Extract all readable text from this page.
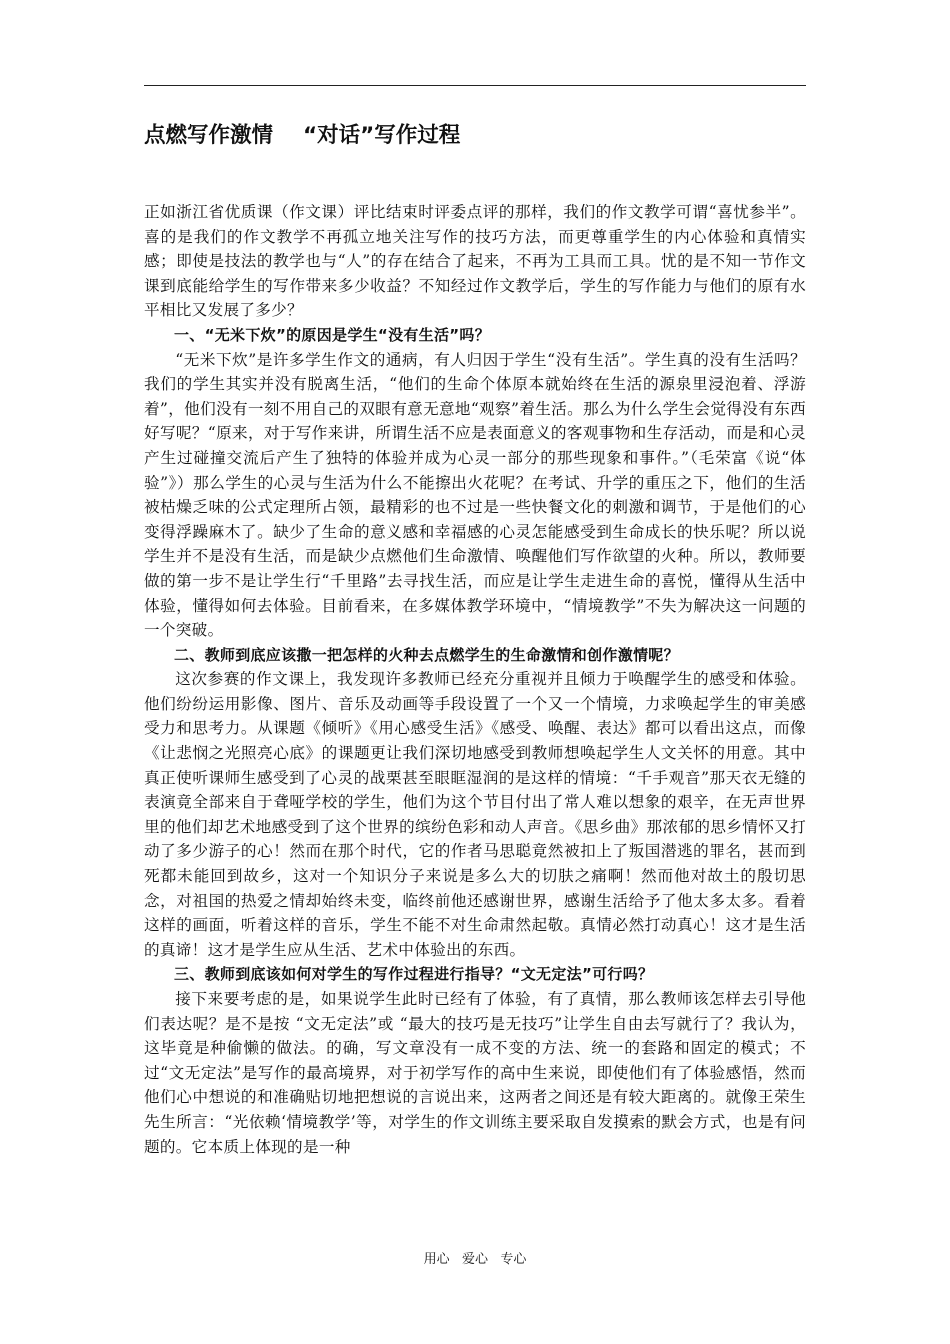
点燃写作激情    “对话”写作过程

正如浙江省优质课（作文课）评比结束时评委点评的那样，我们的作文教学可谓“喜忧参半”。喜的是我们的作文教学不再孤立地关注写作的技巧方法，而更尊重学生的内心体验和真情实感；即使是技法的教学也与“人”的存在结合了起来，不再为工具而工具。忧的是不知一节作文课到底能给学生的写作带来多少收益？不知经过作文教学后，学生的写作能力与他们的原有水平相比又发展了多少？

一、“无米下炊”的原因是学生“没有生活”吗？

“无米下炊”是许多学生作文的通病，有人归因于学生“没有生活”。学生真的没有生活吗？我们的学生其实并没有脱离生活，“他们的生命个体原本就始终在生活的源泉里浸泡着、浮游着”，他们没有一刻不用自己的双眼有意无意地“观察”着生活。那么为什么学生会觉得没有东西好写呢？“原来，对于写作来讲，所谓生活不应是表面意义的客观事物和生存活动，而是和心灵产生过碰撞交流后产生了独特的体验并成为心灵一部分的那些现象和事件。”（毛荣富《说“体验”》）那么学生的心灵与生活为什么不能擦出火花呢？在考试、升学的重压之下，他们的生活被枯燥乏味的公式定理所占领，最精彩的也不过是一些快餐文化的刺激和调节，于是他们的心变得浮躁麻木了。缺少了生命的意义感和幸福感的心灵怎能感受到生命成长的快乐呢？所以说学生并不是没有生活，而是缺少点燃他们生命激情、唤醒他们写作欲望的火种。所以，教师要做的第一步不是让学生行“千里路”去寻找生活，而应是让学生走进生命的喜悦，懂得从生活中体验，懂得如何去体验。目前看来，在多媒体教学环境中，“情境教学”不失为解决这一问题的一个突破。

二、教师到底应该撒一把怎样的火种去点燃学生的生命激情和创作激情呢？

这次参赛的作文课上，我发现许多教师已经充分重视并且倾力于唤醒学生的感受和体验。他们纷纷运用影像、图片、音乐及动画等手段设置了一个又一个情境，力求唤起学生的审美感受力和思考力。从课题《倾听》《用心感受生活》《感受、唤醒、表达》都可以看出这点，而像《让悲悯之光照亮心底》的课题更让我们深切地感受到教师想唤起学生人文关怀的用意。其中真正使听课师生感受到了心灵的战栗甚至眼眶湿润的是这样的情境：“千手观音”那天衣无缝的表演竟全部来自于聋哑学校的学生，他们为这个节目付出了常人难以想象的艰辛，在无声世界里的他们却艺术地感受到了这个世界的缤纷色彩和动人声音。《思乡曲》那浓郁的思乡情怀又打动了多少游子的心！然而在那个时代，它的作者马思聪竟然被扣上了叛国潜逃的罪名，甚而到死都未能回到故乡，这对一个知识分子来说是多么大的切肤之痛啊！然而他对故土的殷切思念，对祖国的热爱之情却始终未变，临终前他还感谢世界，感谢生活给予了他太多太多。看着这样的画面，听着这样的音乐，学生不能不对生命肃然起敬。真情必然打动真心！这才是生活的真谛！这才是学生应从生活、艺术中体验出的东西。

三、教师到底该如何对学生的写作过程进行指导？“文无定法”可行吗？

接下来要考虑的是，如果说学生此时已经有了体验，有了真情，那么教师该怎样去引导他们表达呢？是不是按 “文无定法”或 “最大的技巧是无技巧”让学生自由去写就行了？我认为，这毕竟是种偷懒的做法。的确，写文章没有一成不变的方法、统一的套路和固定的模式；不过“文无定法”是写作的最高境界，对于初学写作的高中生来说，即使他们有了体验感悟，然而他们心中想说的和准确贴切地把想说的言说出来，这两者之间还是有较大距离的。就像王荣生先生所言：“光依赖‘情境教学’等，对学生的作文训练主要采取自发摸索的默会方式，也是有问题的。它本质上体现的是一种

用心   爱心   专心
